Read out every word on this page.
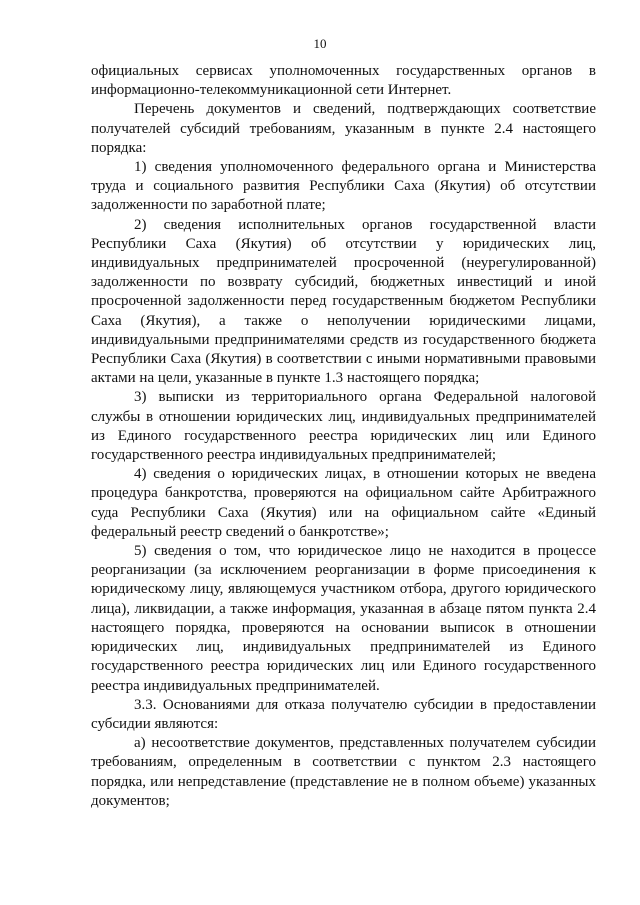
10

официальных сервисах уполномоченных государственных органов в информационно-телекоммуникационной сети Интернет.

Перечень документов и сведений, подтверждающих соответствие получателей субсидий требованиям, указанным в пункте 2.4 настоящего порядка:

1) сведения уполномоченного федерального органа и Министерства труда и социального развития Республики Саха (Якутия) об отсутствии задолженности по заработной плате;

2) сведения исполнительных органов государственной власти Республики Саха (Якутия) об отсутствии у юридических лиц, индивидуальных предпринимателей просроченной (неурегулированной) задолженности по возврату субсидий, бюджетных инвестиций и иной просроченной задолженности перед государственным бюджетом Республики Саха (Якутия), а также о неполучении юридическими лицами, индивидуальными предпринимателями средств из государственного бюджета Республики Саха (Якутия) в соответствии с иными нормативными правовыми актами на цели, указанные в пункте 1.3 настоящего порядка;

3) выписки из территориального органа Федеральной налоговой службы в отношении юридических лиц, индивидуальных предпринимателей из Единого государственного реестра юридических лиц или Единого государственного реестра индивидуальных предпринимателей;

4) сведения о юридических лицах, в отношении которых не введена процедура банкротства, проверяются на официальном сайте Арбитражного суда Республики Саха (Якутия) или на официальном сайте «Единый федеральный реестр сведений о банкротстве»;

5) сведения о том, что юридическое лицо не находится в процессе реорганизации (за исключением реорганизации в форме присоединения к юридическому лицу, являющемуся участником отбора, другого юридического лица), ликвидации, а также информация, указанная в абзаце пятом пункта 2.4 настоящего порядка, проверяются на основании выписок в отношении юридических лиц, индивидуальных предпринимателей из Единого государственного реестра юридических лиц или Единого государственного реестра индивидуальных предпринимателей.

3.3. Основаниями для отказа получателю субсидии в предоставлении субсидии являются:

а) несоответствие документов, представленных получателем субсидии требованиям, определенным в соответствии с пунктом 2.3 настоящего порядка, или непредставление (представление не в полном объеме) указанных документов;
